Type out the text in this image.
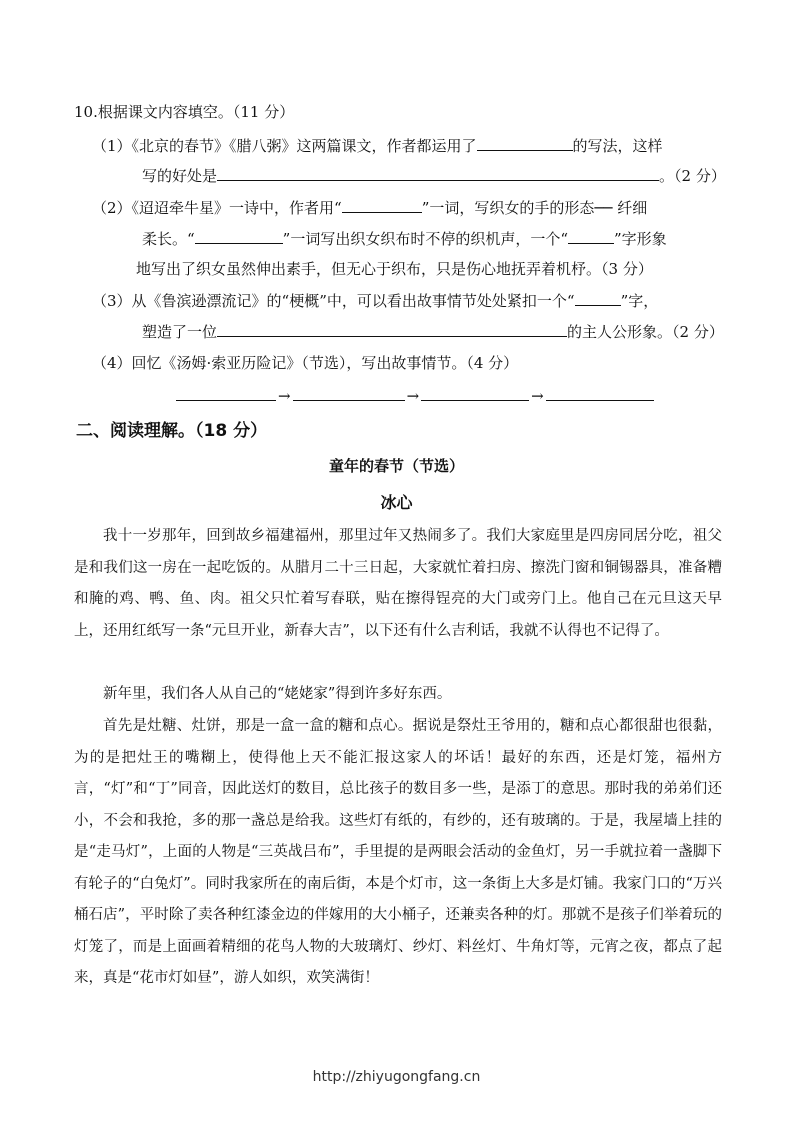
10.根据课文内容填空。（11 分）
（1）《北京的春节》《腊八粥》这两篇课文，作者都运用了	的写法，这样
写的好处是	。（2 分）
（2）《迢迢牵牛星》一诗中，作者用“	”一词，写织女的手的形态── 纤细
柔长。“	”一词写出织女织布时不停的织机声，一个“	”字形象
地写出了织女虽然伸出素手，但无心于织布，只是伤心地抚弄着机杼。（3 分）
（3）从《鲁滨逊漂流记》的“梗概”中，可以看出故事情节处处紧扣一个“	”字，
塑造了一位	的主人公形象。（2 分）
（4）回忆《汤姆·索亚历险记》（节选），写出故事情节。（4 分）
→	→	→
二、阅读理解。（18 分）
童年的春节（节选）
冰心

我十一岁那年，回到故乡福建福州，那里过年又热闹多了。我们大家庭里是四房同居分吃，祖父是和我们这一房在一起吃饭的。从腊月二十三日起，大家就忙着扫房、擦洗门窗和铜锡器具，准备糟和腌的鸡、鸭、鱼、肉。祖父只忙着写春联，贴在擦得锃亮的大门或旁门上。他自己在元旦这天早上，还用红纸写一条“元旦开业，新春大吉”，以下还有什么吉利话，我就不认得也不记得了。

新年里，我们各人从自己的“姥姥家”得到许多好东西。

首先是灶糖、灶饼，那是一盒一盒的糖和点心。据说是祭灶王爷用的，糖和点心都很甜也很黏，为的是把灶王的嘴糊上，使得他上天不能汇报这家人的坏话！最好的东西，还是灯笼，福州方言，“灯”和“丁”同音，因此送灯的数目，总比孩子的数目多一些，是添丁的意思。那时我的弟弟们还小，不会和我抢，多的那一盏总是给我。这些灯有纸的，有纱的，还有玻璃的。于是，我屋墙上挂的是“走马灯”，上面的人物是“三英战吕布”，手里提的是两眼会活动的金鱼灯，另一手就拉着一盏脚下有轮子的“白兔灯”。同时我家所在的南后街，本是个灯市，这一条街上大多是灯铺。我家门口的“万兴桶石店”，平时除了卖各种红漆金边的伴嫁用的大小桶子，还兼卖各种的灯。那就不是孩子们举着玩的灯笼了，而是上面画着精细的花鸟人物的大玻璃灯、纱灯、料丝灯、牛角灯等，元宵之夜，都点了起来，真是“花市灯如昼”，游人如织，欢笑满街！

http://zhiyugongfang.cn
